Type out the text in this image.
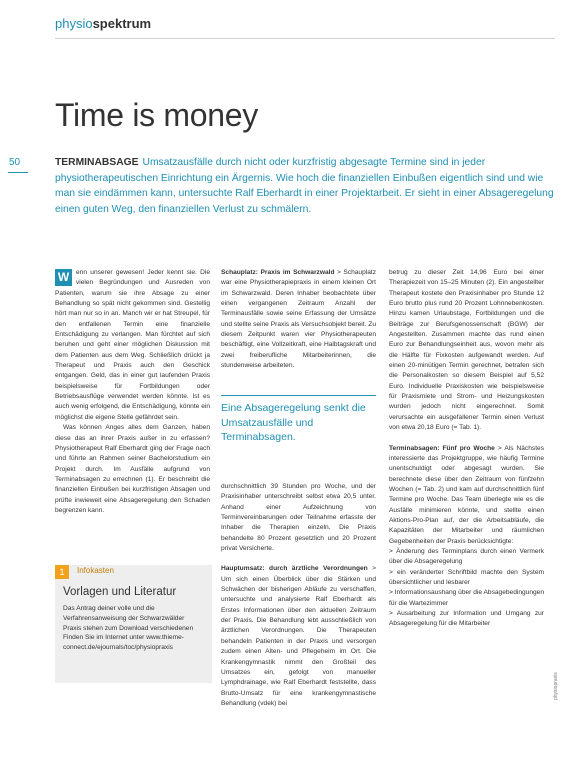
physiospektrum
50
Time is money
TERMINABSAGE Umsatzausfälle durch nicht oder kurzfristig abgesagte Termine sind in jeder physiotherapeutischen Einrichtung ein Ärgernis. Wie hoch die finanziellen Einbußen eigentlich sind und wie man sie eindämmen kann, untersuchte Ralf Eberhardt in einer Projektarbeit. Er sieht in einer Absageregelung einen guten Weg, den finanziellen Verlust zu schmälern.

W	enn unserer gewesen! Jeder kennt sie. Die vielen Begründungen und Ausreden von Patienten, warum sie ihre Absage zu einer Behandlung so spät nicht gekommen sind. Gestellig hört man nur so in an. Manch wir er hat Streupel, für den entfallenen Termin eine finanzielle Entschädigung zu verlangen. Man fürchtet auf sich beruhen und geht einer möglichen Diskussion mit dem Patienten aus dem Weg. Schließlich drückt ja Therapeut und Praxis auch den Geschick entgangen. Geld, das in einer gut laufenden Praxis beispielsweise für Fortbildungen oder Betriebsausflüge verwendet werden könnte. Ist es auch wenig erfolgend, die Entschädigung, könnte ein möglichst die eigene Stelle gefährdet sein.

Was können Anges alles dem Ganzen, haben diese das an ihrer Praxis außer in zu erfassen? Physiotherapeut Ralf Eberhardt ging der Frage nach und führte an Rahmen seiner Bachelorstudium ein Projekt durch. Im Ausfälle aufgrund von Terminabsagen zu errechnen (1). Er beschreibt die finanziellen Einbußen bei kurzfristigen Absagen und prüfte inwieweit eine Absageregelung den Schaden begrenzen kann.

1	Infokasten
Vorlagen und Literatur
Das Antrag deiner volle und die Verfahrensanweisung der Schwarzwälder Praxis stehen zum Download verschiedenen Finden Sie im Internet unter www.thieme-connect.de/ejournals/toc/physiopraxis

Schauplatz: Praxis im Schwarzwald > Schauplatz war eine Physiotherapiepraxis in einem kleinen Ort im Schwarzwald. Deren Inhaber beobachtete über einen vergangenen Zeitraum Anzahl der Terminausfälle sowie seine Erfassung der Umsätze und stellte seine Praxis als Versuchsobjekt bereit. Zu diesem Zeitpunkt waren vier Physiotherapeuten beschäftigt, eine Vollzeitkraft, eine Halbtagskraft und zwei freiberufliche Mitarbeiterinnen, die stundenweise arbeiteten.

Eine Absageregelung senkt die Umsatzausfälle und Terminabsagen.

durchschnittlich 39 Stunden pro Woche, und der Praxisinhaber unterschreibt selbst etwa 20,5 unter. Anhand einer Aufzeichnung von Terminvereinbarungen oder Teilnahme erfasste der Inhaber die Therapien einzeln. Die Praxis behandelte 80 Prozent gesetzlich und 20 Prozent privat Versicherte.

Hauptumsatz: durch ärztliche Verordnungen > Um sich einen Überblick über die Stärken und Schwächen der bisherigen Abläufe zu verschaffen, untersuchte und analysierte Ralf Eberhardt als Erstes Informationen über den aktuellen Zeitraum der Praxis. Die Behandlung lebt ausschließlich von ärztlichen Verordnungen. Die Therapeuten behandeln Patienten in der Praxis und versorgen zudem einen Alten- und Pflegeheim im Ort. Die Krankengymnastik nimmt den Großteil des Umsatzes ein, gefolgt von manueller Lymphdrainage, wie Ralf Eberhardt feststellte, dass Brutto-Umsatz für eine krankengymnastische Behandlung (vdek) bei

betrug zu dieser Zeit 14,96 Euro bei einer Therapiezeit von 15–25 Minuten (2). Ein angestellter Therapeut kostete den Praxisinhaber pro Stunde 12 Euro brutto plus rund 20 Prozent Lohnnebenkosten. Hinzu kamen Urlaubstage, Fortbildungen und die Beiträge zur Berufsgenossenschaft (BGW) der Angestellten. Zusammen machte das rund einen Euro zur Behandlungseinheit aus, wovon mehr als die Hälfte für Fixkosten aufgewandt werden. Auf einen 20-minütigen Termin gerechnet, betrafen sich die Personalkosten so diesem Beispiel auf 5,52 Euro. Individuelle Praxiskosten wie beispielsweise für Praxismiete und Strom- und Heizungskosten wurden jedoch nicht eingerechnet. Somit verursachte ein ausgefallener Termin einen Verlust von etwa 20,18 Euro (= Tab. 1).

Terminabsagen: Fünf pro Woche > Als Nächstes interessierte das Projektgruppe, wie häufig Termine unentschuldigt oder abgesagt wurden. Sie berechnete diese über den Zeitraum von fünfzehn Wochen (= Tab. 2) und kam auf durchschnittlich fünf Termine pro Woche. Das Team überlegte wie es die Ausfälle minimieren könnte, und stellte einen Aktions-Pro-Plan auf, der die Arbeitsabläufe, die Kapazitäten der Mitarbeiter und räumlichen Gegebenheiten der Praxis berücksichtigte:

> Änderung des Terminplans durch einen Vermerk über die Absageregelung

> ein veränderter Schriftbild machte den System übersichtlicher und lesbarer

> Informationsaushang über die Absagebedingungen für die Wartezimmer

> Ausarbeitung zur Information und Umgang zur Absageregelung für die Mitarbeiter

physiopraxis
